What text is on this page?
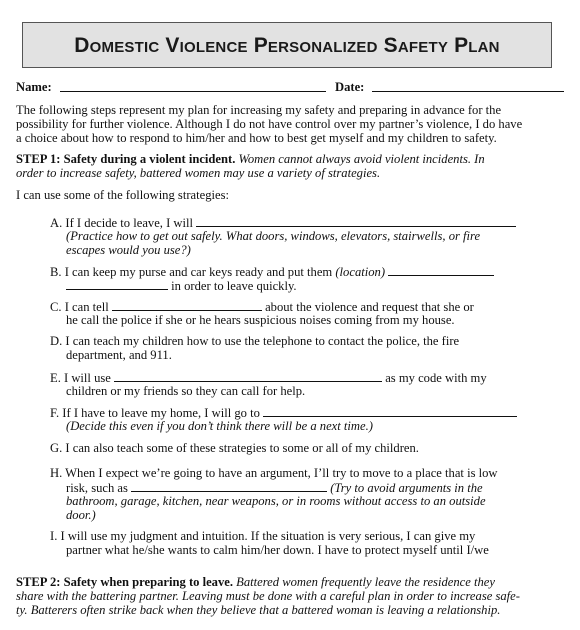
Domestic Violence Personalized Safety Plan
Name:	Date:
The following steps represent my plan for increasing my safety and preparing in advance for the
possibility for further violence. Although I do not have control over my partner’s violence, I do have
a choice about how to respond to him/her and how to best get myself and my children to safety.
STEP 1: Safety during a violent incident. Women cannot always avoid violent incidents. In
order to increase safety, battered women may use a variety of strategies.
I can use some of the following strategies:
A. If I decide to leave, I will
(Practice how to get out safely. What doors, windows, elevators, stairwells, or fire
escapes would you use?)
B. I can keep my purse and car keys ready and put them (location)
in order to leave quickly.
C. I can tell	about the violence and request that she or
he call the police if she or he hears suspicious noises coming from my house.
D. I can teach my children how to use the telephone to contact the police, the fire
department, and 911.
E. I will use	as my code with my
children or my friends so they can call for help.
F. If I have to leave my home, I will go to
(Decide this even if you don’t think there will be a next time.)
G. I can also teach some of these strategies to some or all of my children.
H. When I expect we’re going to have an argument, I’ll try to move to a place that is low
risk, such as	(Try to avoid arguments in the
bathroom, garage, kitchen, near weapons, or in rooms without access to an outside
door.)
I. I will use my judgment and intuition. If the situation is very serious, I can give my
partner what he/she wants to calm him/her down. I have to protect myself until I/we
STEP 2: Safety when preparing to leave. Battered women frequently leave the residence they
share with the battering partner. Leaving must be done with a careful plan in order to increase safe-
ty. Batterers often strike back when they believe that a battered woman is leaving a relationship.
